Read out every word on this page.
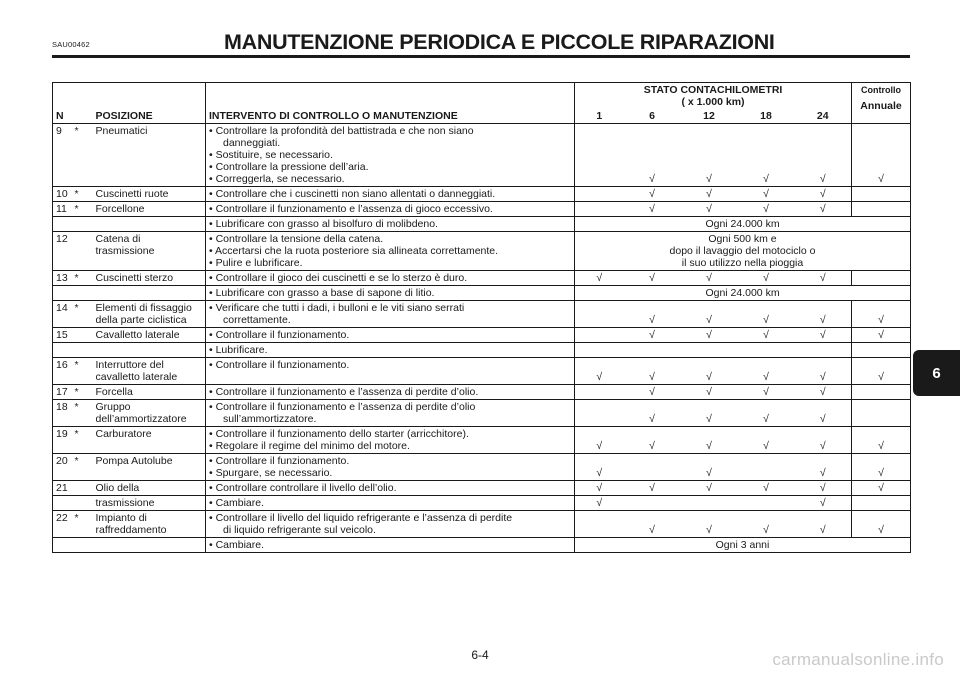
SAU00462	MANUTENZIONE PERIODICA E PICCOLE RIPARAZIONI
N		POSIZIONE	INTERVENTO DI CONTROLLO O MANUTENZIONE	STATO CONTACHILOMETRI
( x 1.000 km)					Controllo
Annuale

				1	6	12	18	24	
9	*	Pneumatici	• Controllare la profondità del battistrada e che non siano
danneggiati.
• Sostituire, se necessario.
• Controllare la pressione dell’aria.
• Correggerla, se necessario.		√	√	√	√	√
10	*	Cuscinetti ruote	• Controllare che i cuscinetti non siano allentati o danneggiati.		√	√	√	√	
11	*	Forcellone	• Controllare il funzionamento e l’assenza di gioco eccessivo.		√	√	√	√	

			• Lubrificare con grasso al bisolfuro di molibdeno.	Ogni 24.000 km					

12		Catena di
trasmissione	• Controllare la tensione della catena.
• Accertarsi che la ruota posteriore sia allineata correttamente.
• Pulire e lubrificare.	Ogni 500 km e
dopo il lavaggio del motociclo o
il suo utilizzo nella pioggia					

13	*	Cuscinetti sterzo	• Controllare il gioco dei cuscinetti e se lo sterzo è duro.	√	√	√	√	√	

			• Lubrificare con grasso a base di sapone di litio.	Ogni 24.000 km					

14	*	Elementi di fissaggio
della parte ciclistica	• Verificare che tutti i dadi, i bulloni e le viti siano serrati
correttamente.		√	√	√	√	√
15		Cavalletto laterale	• Controllare il funzionamento.		√	√	√	√	√

			• Lubrificare.						

16	*	Interruttore del
cavalletto laterale	• Controllare il funzionamento.	√	√	√	√	√	√
17	*	Forcella	• Controllare il funzionamento e l’assenza di perdite d’olio.		√	√	√	√	
18	*	Gruppo
dell’ammortizzatore	• Controllare il funzionamento e l’assenza di perdite d’olio
sull’ammortizzatore.		√	√	√	√	
19	*	Carburatore	• Controllare il funzionamento dello starter (arricchitore).
• Regolare il regime del minimo del motore.	√	√	√	√	√	√
20	*	Pompa Autolube	• Controllare il funzionamento.
• Spurgare, se necessario.	√		√		√	√
21		Olio della	• Controllare controllare il livello dell’olio.	√	√	√	√	√	√

		trasmissione	• Cambiare.	√				√	
22	*	Impianto di
raffreddamento	• Controllare il livello del liquido refrigerante e l’assenza di perdite
di liquido refrigerante sul veicolo.		√	√	√	√	√

			• Cambiare.	Ogni 3 anni					
6
6-4	carmanualsonline.info
